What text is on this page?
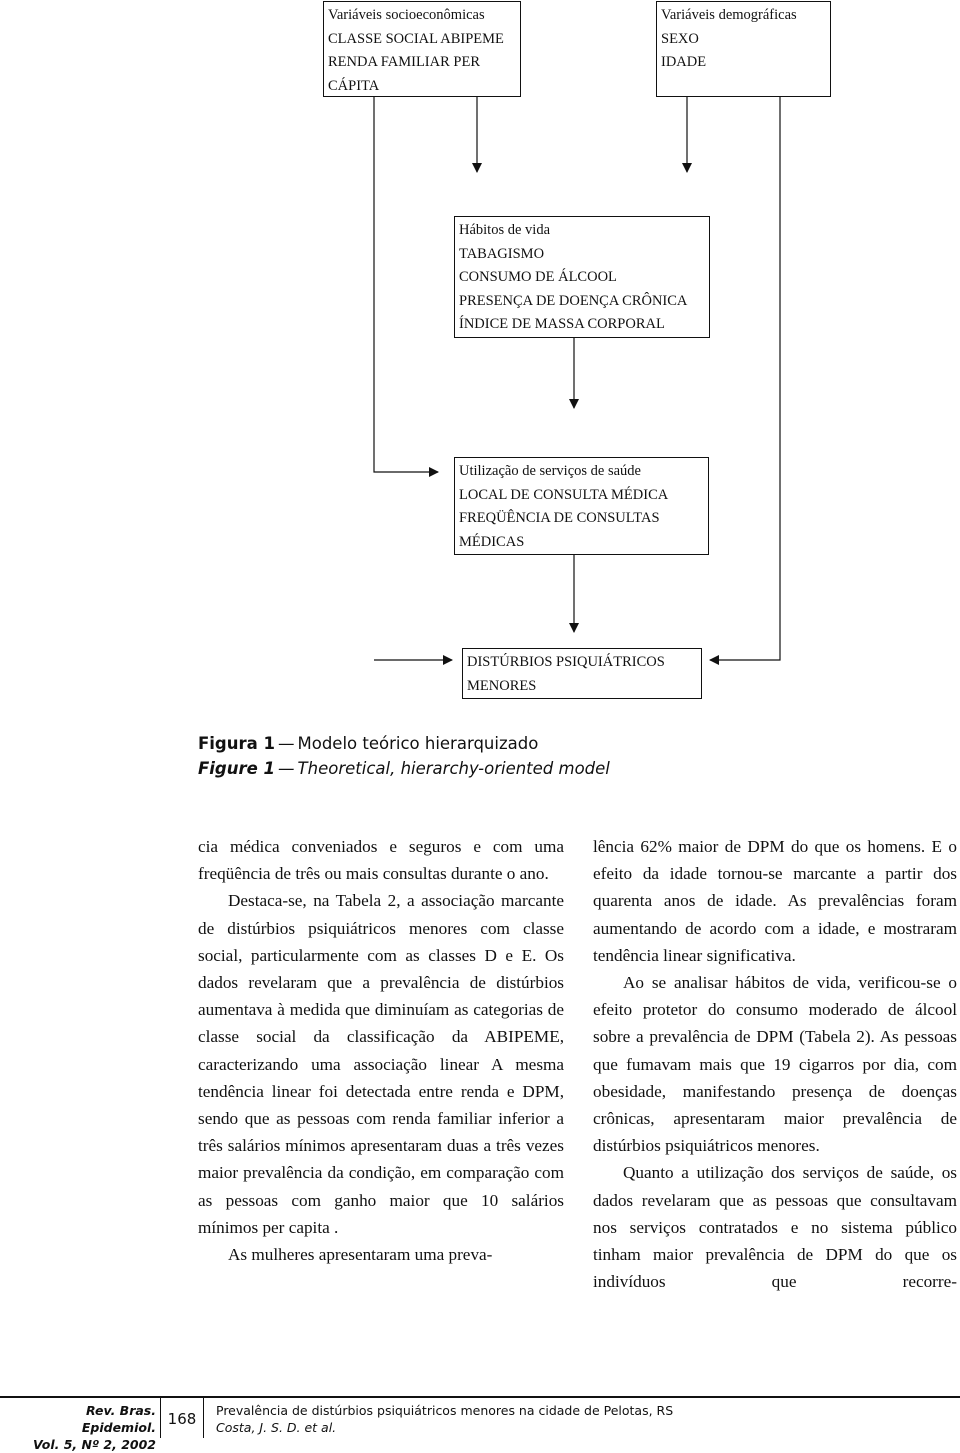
Variáveis socioeconômicas
CLASSE SOCIAL ABIPEME
RENDA FAMILIAR PER
CÁPITA
Variáveis demográficas
SEXO
IDADE
Hábitos de vida
TABAGISMO
CONSUMO DE ÁLCOOL
PRESENÇA DE DOENÇA CRÔNICA
ÍNDICE DE MASSA CORPORAL
Utilização de serviços de saúde
LOCAL DE CONSULTA MÉDICA
FREQÜÊNCIA DE CONSULTAS
MÉDICAS
DISTÚRBIOS PSIQUIÁTRICOS
MENORES
Figura 1 — Modelo teórico hierarquizado
Figure 1 — Theoretical, hierarchy-oriented model

cia médica conveniados e seguros e com uma freqüência de três ou mais consultas durante o ano.

Destaca-se, na Tabela 2, a associação marcante de distúrbios psiquiátricos menores com classe social, particularmente com as classes D e E. Os dados revelaram que a prevalência de distúrbios aumentava à medida que diminuíam as categorias de classe social da classificação da ABIPEME, caracterizando uma associação linear A mesma tendência linear foi detectada entre renda e DPM, sendo que as pessoas com renda familiar inferior a três salários mínimos apresentaram duas a três vezes maior prevalência da condição, em comparação com as pessoas com ganho maior que 10 salários mínimos per capita .

As mulheres apresentaram uma preva-

lência 62% maior de DPM do que os homens. E o efeito da idade tornou-se marcante a partir dos quarenta anos de idade. As prevalências foram aumentando de acordo com a idade, e mostraram tendência linear significativa.

Ao se analisar hábitos de vida, verificou-se o efeito protetor do consumo moderado de álcool sobre a prevalência de DPM (Tabela 2). As pessoas que fumavam mais que 19 cigarros por dia, com obesidade, manifestando presença de doenças crônicas, apresentaram maior prevalência de distúrbios psiquiátricos menores.

Quanto a utilização dos serviços de saúde, os dados revelaram que as pessoas que consultavam nos serviços contratados e no sistema público tinham maior prevalência de DPM do que os indivíduos que recorre-

Rev. Bras. Epidemiol.
Vol. 5, Nº 2, 2002
168	Prevalência de distúrbios psiquiátricos menores na cidade de Pelotas, RS
Costa, J. S. D. et al.
